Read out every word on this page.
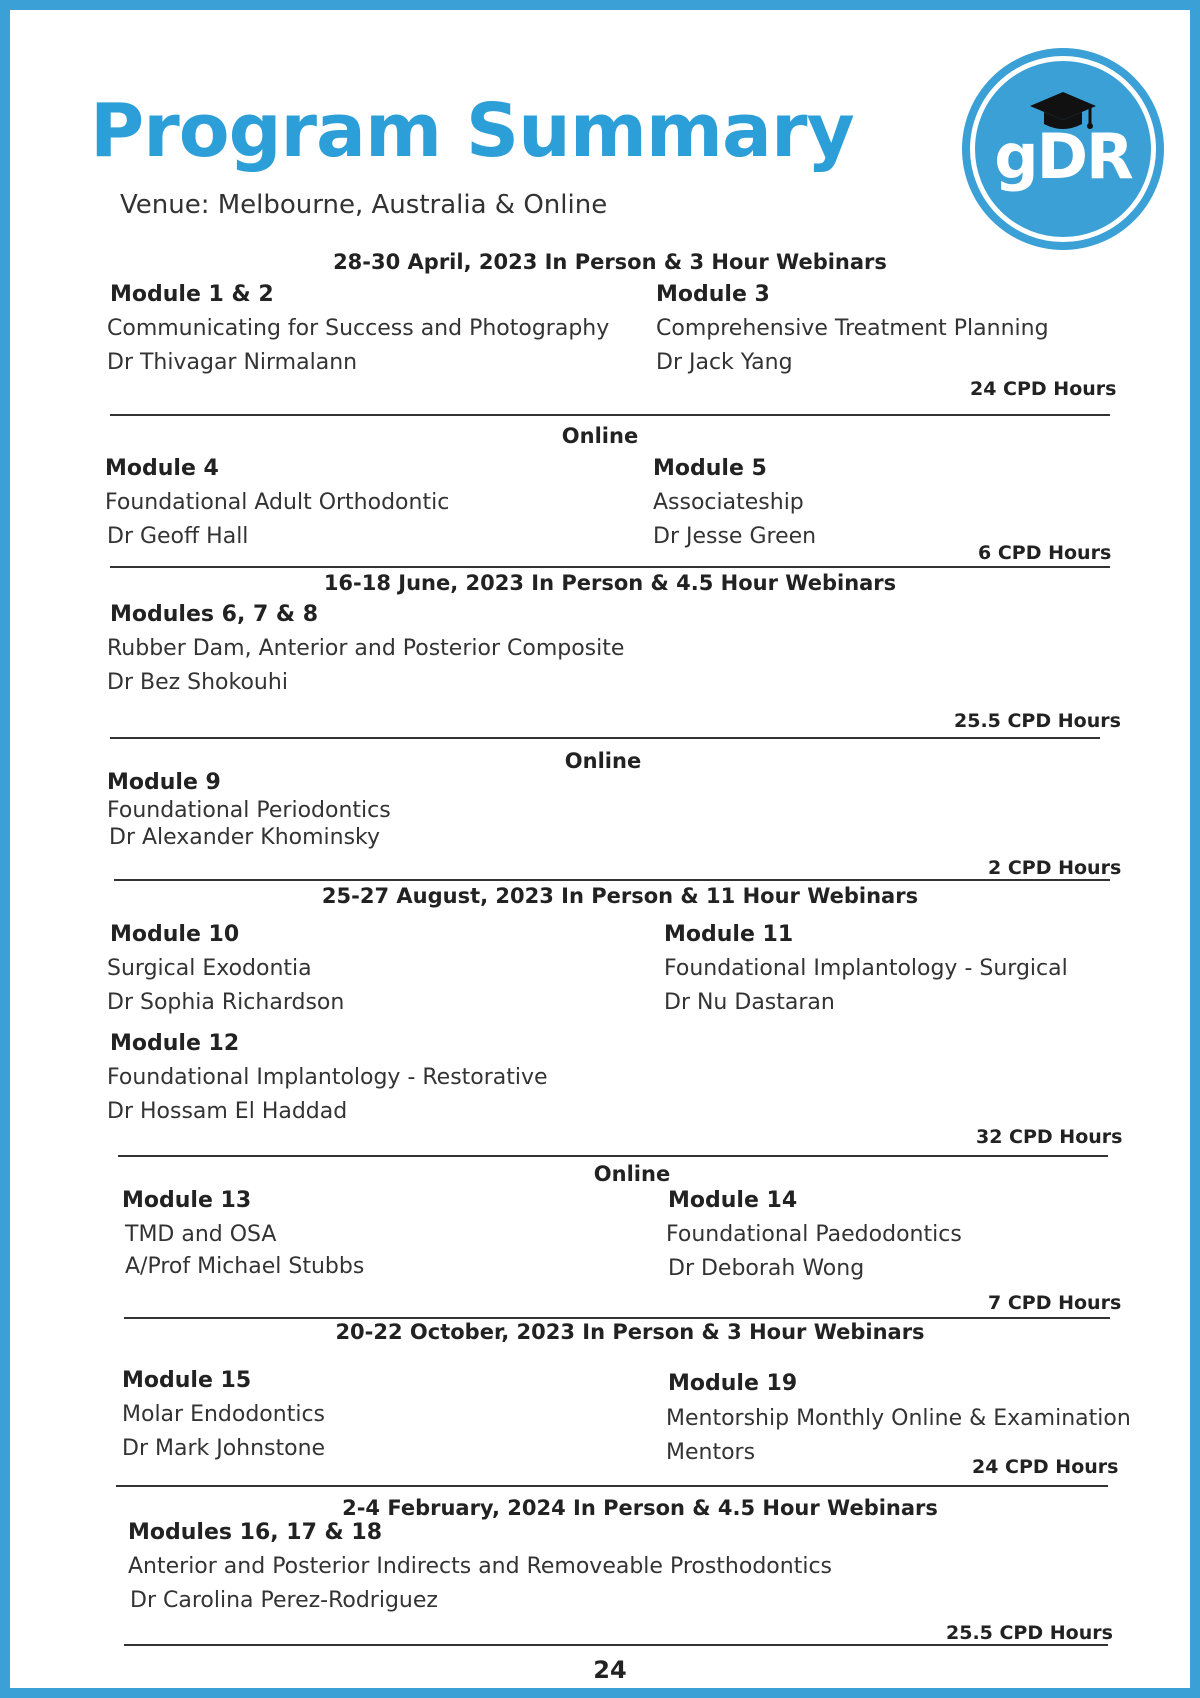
Program Summary
Venue: Melbourne, Australia & Online
gDR
28-30 April, 2023 In Person & 3 Hour Webinars
Module 1 & 2
Communicating for Success and Photography
Dr Thivagar Nirmalann
Module 3
Comprehensive Treatment Planning
Dr Jack Yang
24 CPD Hours
Online
Module 4
Foundational Adult Orthodontic
Dr Geoff Hall
Module 5
Associateship
Dr Jesse Green
6 CPD Hours
16-18 June, 2023 In Person & 4.5 Hour Webinars
Modules 6, 7 & 8
Rubber Dam, Anterior and Posterior Composite
Dr Bez Shokouhi
25.5 CPD Hours
Online
Module 9
Foundational Periodontics
Dr Alexander Khominsky
2 CPD Hours
25-27 August, 2023 In Person & 11 Hour Webinars
Module 10
Surgical Exodontia
Dr Sophia Richardson
Module 11
Foundational Implantology - Surgical
Dr Nu Dastaran
Module 12
Foundational Implantology - Restorative
Dr Hossam El Haddad
32 CPD Hours
Online
Module 13
TMD and OSA
A/Prof Michael Stubbs
Module 14
Foundational Paedodontics
Dr Deborah Wong
7 CPD Hours
20-22 October, 2023 In Person & 3 Hour Webinars
Module 15
Molar Endodontics
Dr Mark Johnstone
Module 19
Mentorship Monthly Online & Examination
Mentors
24 CPD Hours
2-4 February, 2024 In Person & 4.5 Hour Webinars
Modules 16, 17 & 18
Anterior and Posterior Indirects and Removeable Prosthodontics
Dr Carolina Perez-Rodriguez
25.5 CPD Hours
24
